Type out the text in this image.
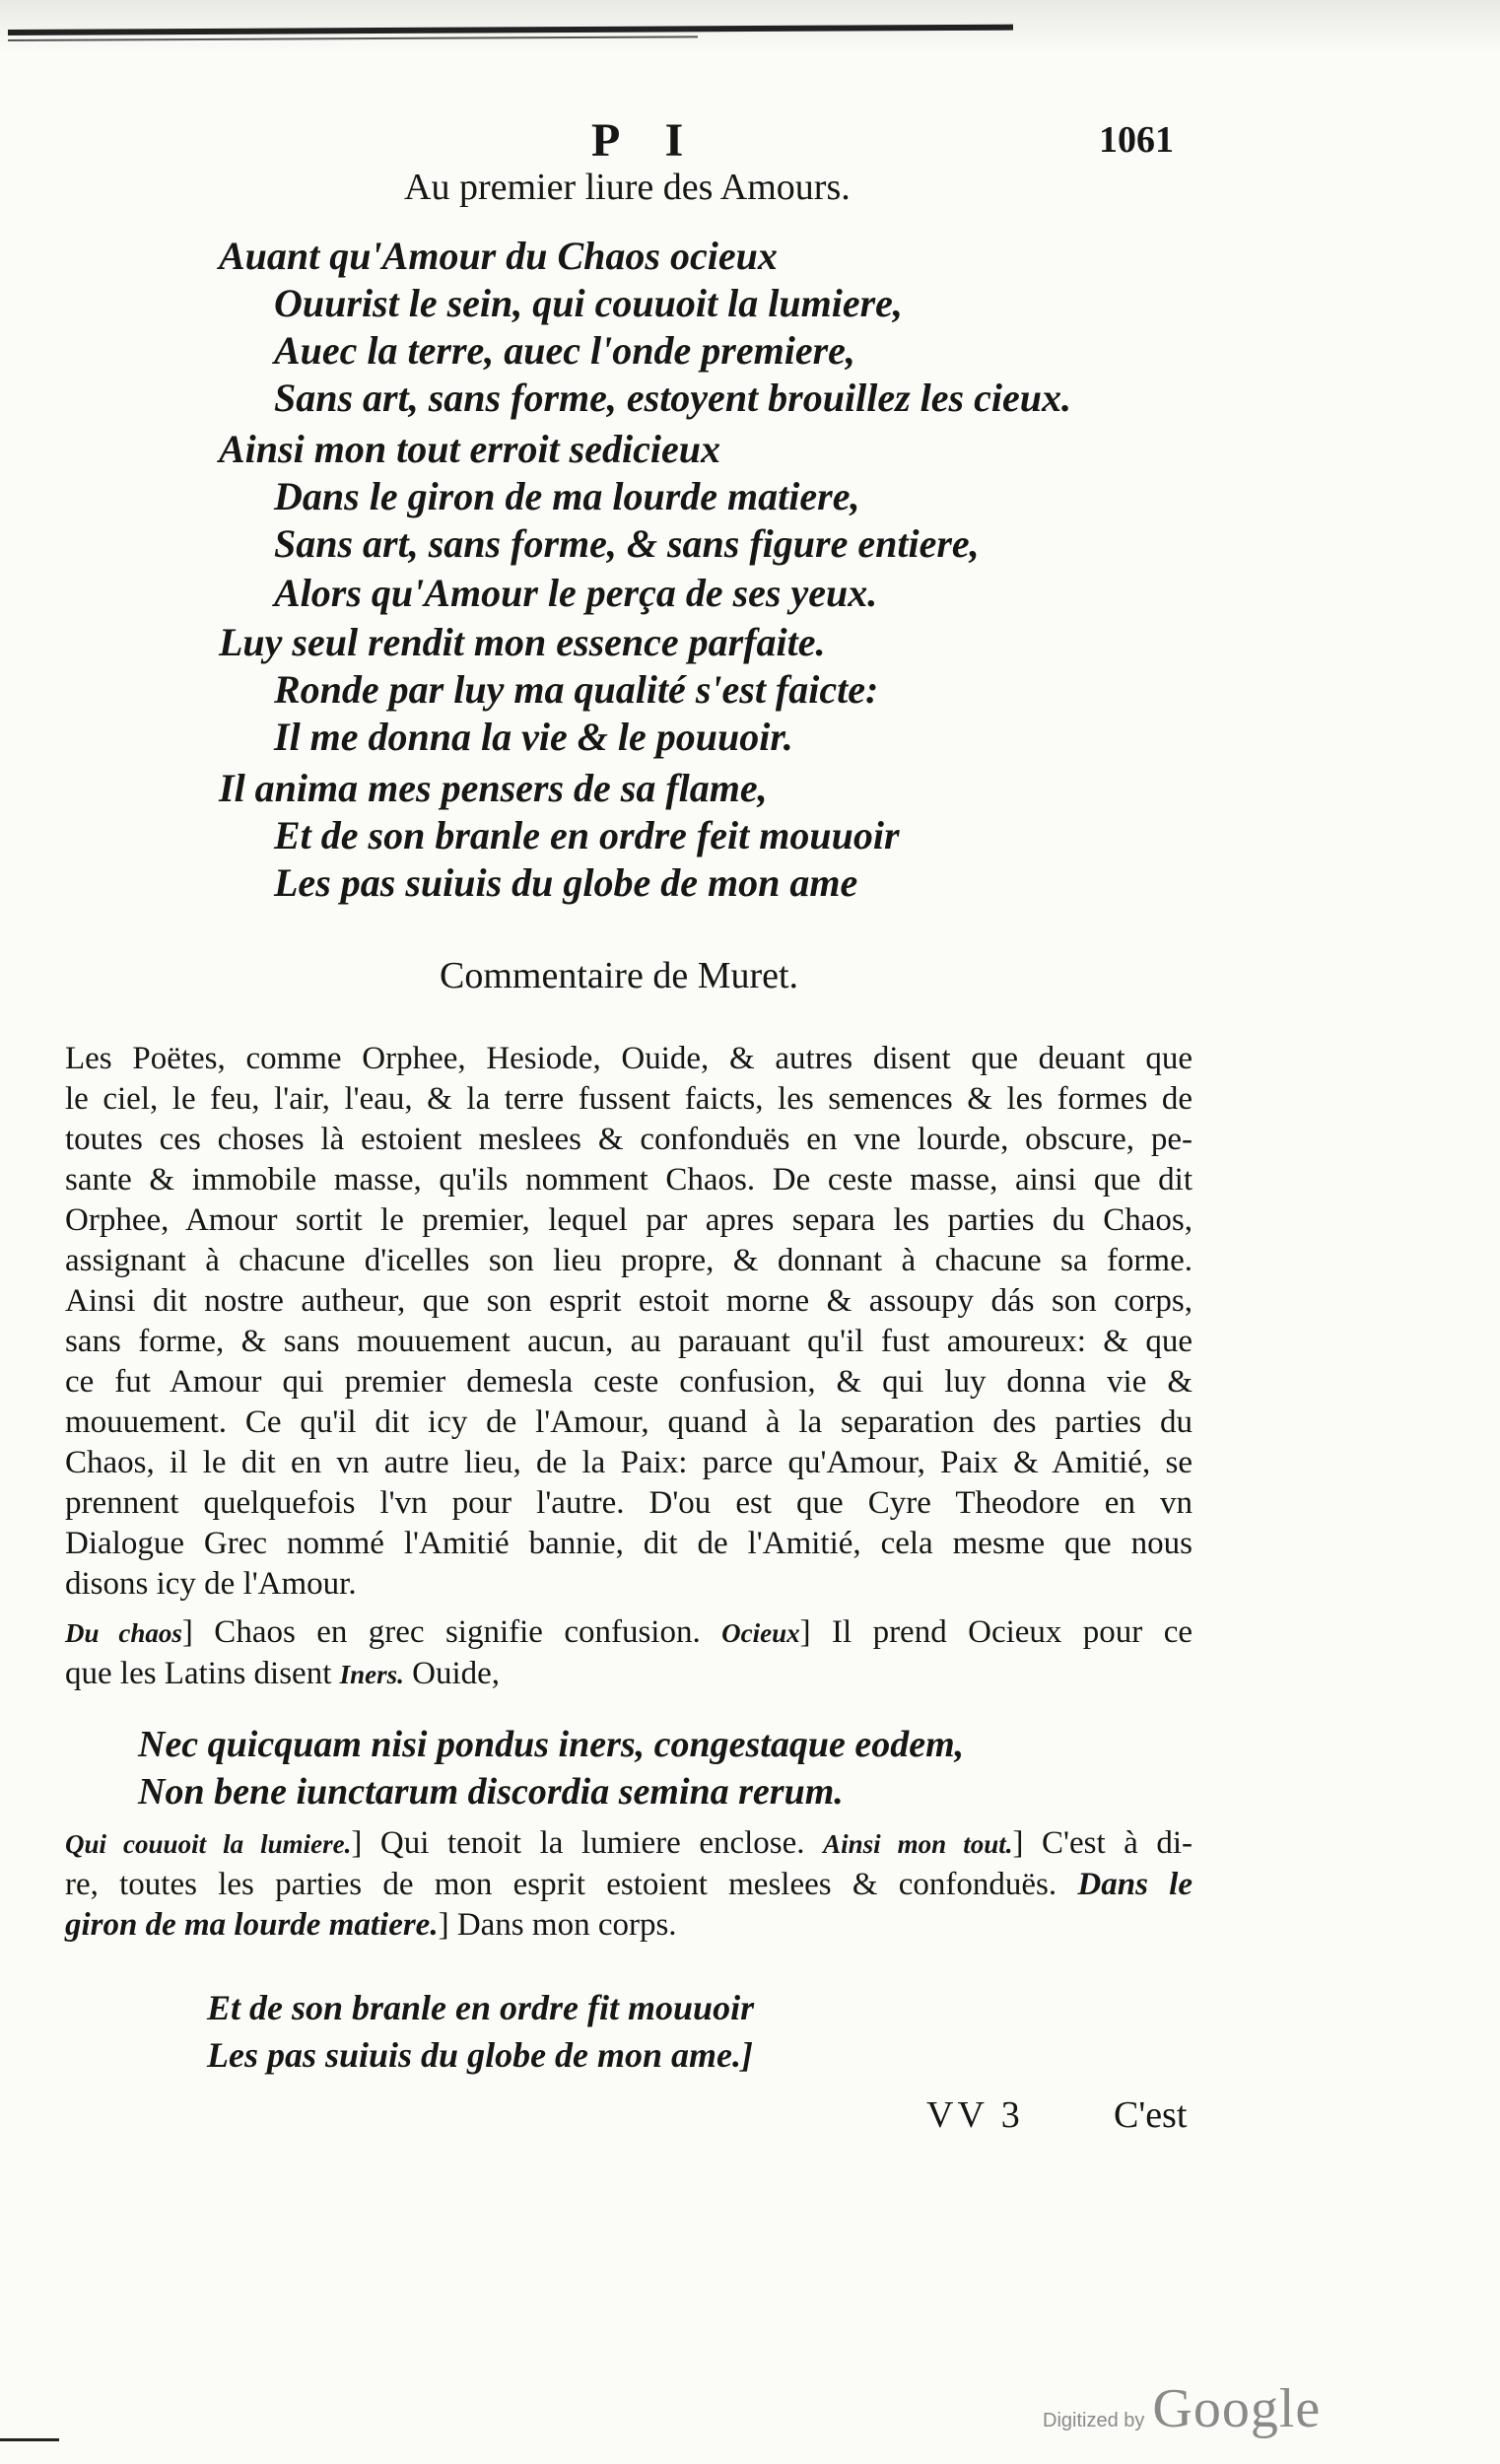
P I	1061
Au premier liure des Amours.
Auant qu'Amour du Chaos ocieux
Ouurist le sein, qui couuoit la lumiere,
Auec la terre, auec l'onde premiere,
Sans art, sans forme, estoyent brouillez les cieux.
Ainsi mon tout erroit sedicieux
Dans le giron de ma lourde matiere,
Sans art, sans forme, & sans figure entiere,
Alors qu'Amour le perça de ses yeux.
Luy seul rendit mon essence parfaite.
Ronde par luy ma qualité s'est faicte:
Il me donna la vie & le pouuoir.
Il anima mes pensers de sa flame,
Et de son branle en ordre feit mouuoir
Les pas suiuis du globe de mon ame
Commentaire de Muret.
Les Poëtes, comme Orphee, Hesiode, Ouide, & autres disent que deuant que
le ciel, le feu, l'air, l'eau, & la terre fussent faicts, les semences & les formes de
toutes ces choses là estoient meslees & confonduës en vne lourde, obscure, pe-
sante & immobile masse, qu'ils nomment Chaos. De ceste masse, ainsi que dit
Orphee, Amour sortit le premier, lequel par apres separa les parties du Chaos,
assignant à chacune d'icelles son lieu propre, & donnant à chacune sa forme.
Ainsi dit nostre autheur, que son esprit estoit morne & assoupy dás son corps,
sans forme, & sans mouuement aucun, au parauant qu'il fust amoureux: & que
ce fut Amour qui premier demesla ceste confusion, & qui luy donna vie &
mouuement. Ce qu'il dit icy de l'Amour, quand à la separation des parties du
Chaos, il le dit en vn autre lieu, de la Paix: parce qu'Amour, Paix & Amitié, se
prennent quelquefois l'vn pour l'autre. D'ou est que Cyre Theodore en vn
Dialogue Grec nommé l'Amitié bannie, dit de l'Amitié, cela mesme que nous
disons icy de l'Amour.
Du chaos] Chaos en grec signifie confusion. Ocieux] Il prend Ocieux pour ce
que les Latins disent Iners. Ouide,
Nec quicquam nisi pondus iners, congestaque eodem,
Non bene iunctarum discordia semina rerum.
Qui couuoit la lumiere.] Qui tenoit la lumiere enclose. Ainsi mon tout.] C'est à di-
re, toutes les parties de mon esprit estoient meslees & confonduës. Dans le
giron de ma lourde matiere.] Dans mon corps.
Et de son branle en ordre fit mouuoir
Les pas suiuis du globe de mon ame.]
VV 3 C'est
Digitized by Google
